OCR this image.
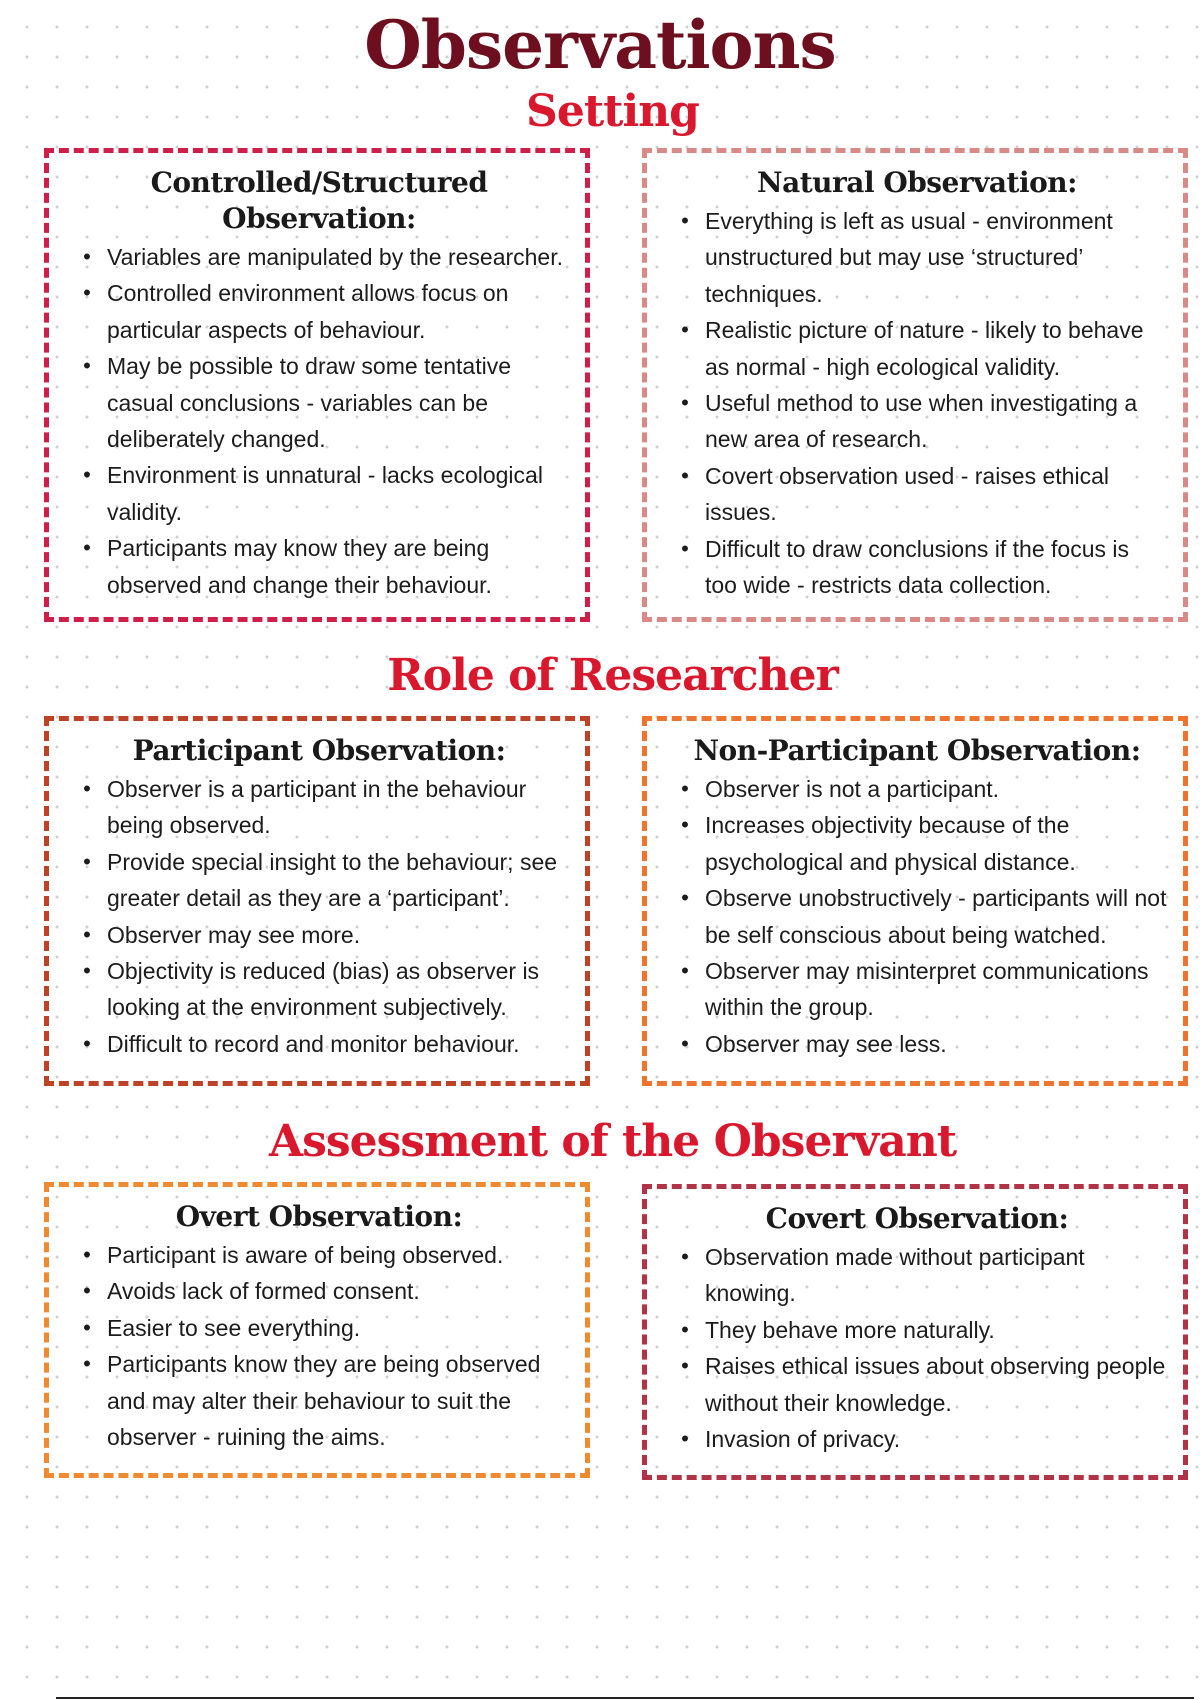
Observations
Setting
Controlled/Structured Observation:
• Variables are manipulated by the researcher.
• Controlled environment allows focus on particular aspects of behaviour.
• May be possible to draw some tentative casual conclusions - variables can be deliberately changed.
• Environment is unnatural - lacks ecological validity.
• Participants may know they are being observed and change their behaviour.
Natural Observation:
• Everything is left as usual - environment unstructured but may use ‘structured’ techniques.
• Realistic picture of nature - likely to behave as normal - high ecological validity.
• Useful method to use when investigating a new area of research.
• Covert observation used - raises ethical issues.
• Difficult to draw conclusions if the focus is too wide - restricts data collection.
Role of Researcher
Participant Observation:
• Observer is a participant in the behaviour being observed.
• Provide special insight to the behaviour; see greater detail as they are a ‘participant’.
• Observer may see more.
• Objectivity is reduced (bias) as observer is looking at the environment subjectively.
• Difficult to record and monitor behaviour.
Non-Participant Observation:
• Observer is not a participant.
• Increases objectivity because of the psychological and physical distance.
• Observe unobstructively - participants will not be self conscious about being watched.
• Observer may misinterpret communications within the group.
• Observer may see less.
Assessment of the Observant
Overt Observation:
• Participant is aware of being observed.
• Avoids lack of formed consent.
• Easier to see everything.
• Participants know they are being observed and may alter their behaviour to suit the observer - ruining the aims.
Covert Observation:
• Observation made without participant knowing.
• They behave more naturally.
• Raises ethical issues about observing people without their knowledge.
• Invasion of privacy.
